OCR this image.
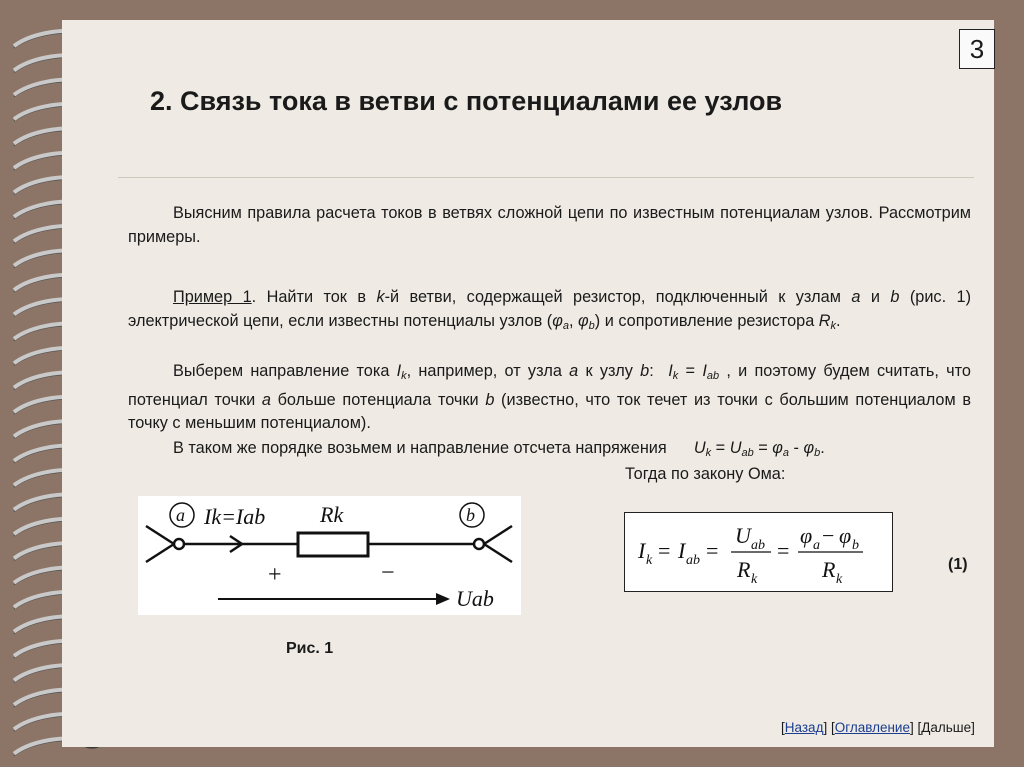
3
2. Связь тока в ветви с потенциалами ее узлов

Выясним правила расчета токов в ветвях сложной цепи по известным потенциалам узлов. Рассмотрим примеры.

Пример 1. Найти ток в k-й ветви, содержащей резистор, подключенный к узлам a и b (рис. 1) электрической цепи, если известны потенциалы узлов ($\varphi_a$, $\varphi_b$) и сопротивление резистора $R_k$.

Выберем направление тока $I_k$, например, от узла a к узлу b:  $I_k = I_{ab}$ , и поэтому будем считать, что потенциал точки a больше потенциала точки b (известно, что ток течет из точки с большим потенциалом в точку с меньшим потенциалом).

В таком же порядке возьмем и направление отсчета напряжения      $U_k = U_{ab} = \varphi_a - \varphi_b$.

Тогда по закону Ома:
a	b
Ik=Iab Rk
Uab
+	−
I k = I ab =
U ab
R k
=
φ a − φ b
R k
(1)
Рис. 1
[Назад] [Оглавление] [Дальше]
